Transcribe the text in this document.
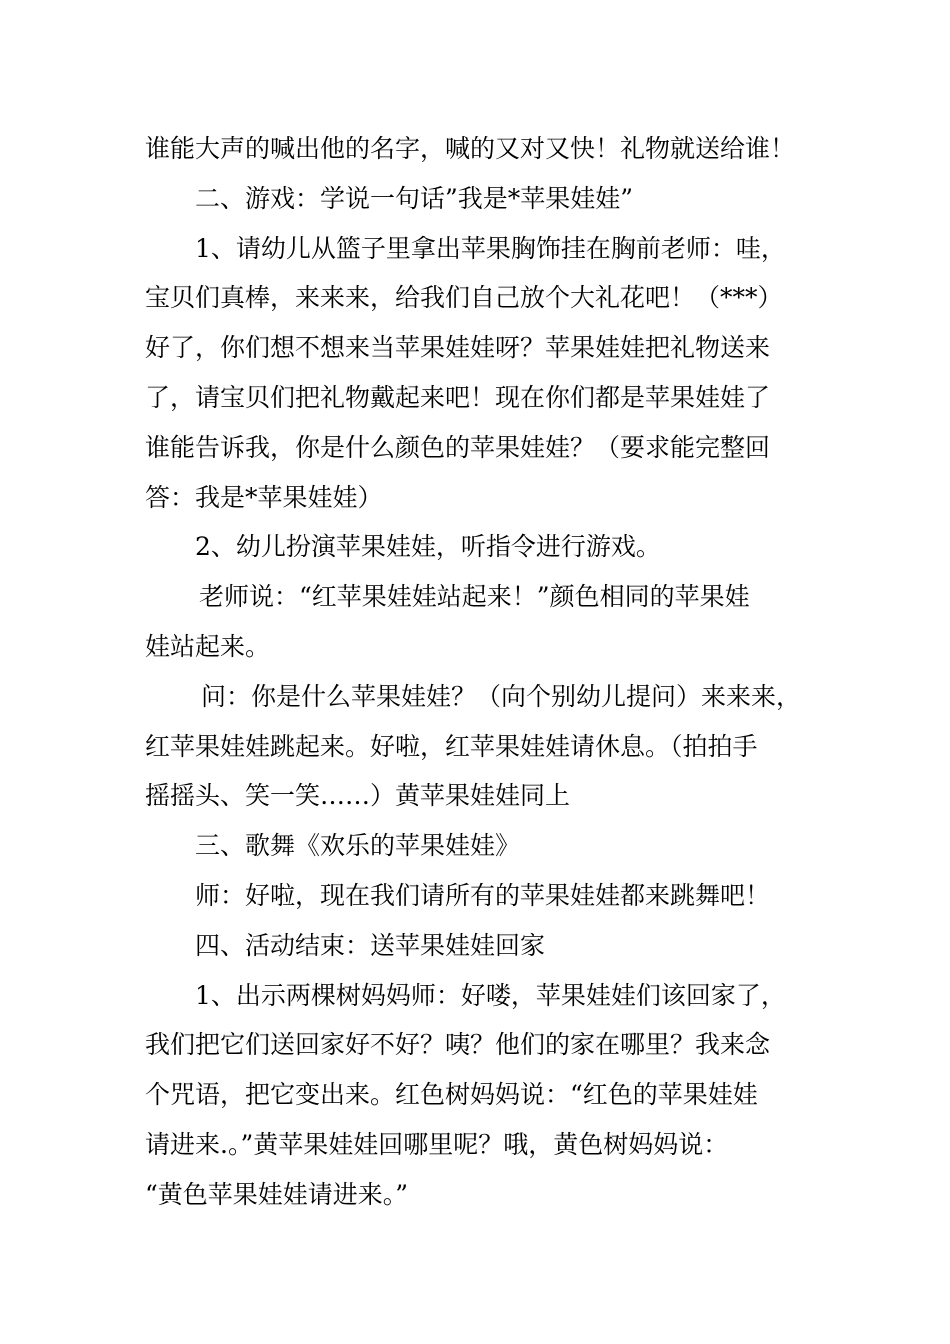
谁能大声的喊出他的名字，喊的又对又快！礼物就送给谁！
二、游戏：学说一句话”我是*苹果娃娃”
1、请幼儿从篮子里拿出苹果胸饰挂在胸前老师：哇，
宝贝们真棒，来来来，给我们自己放个大礼花吧！（***）
好了，你们想不想来当苹果娃娃呀？苹果娃娃把礼物送来
了，请宝贝们把礼物戴起来吧！现在你们都是苹果娃娃了
谁能告诉我，你是什么颜色的苹果娃娃？（要求能完整回
答：我是*苹果娃娃）
2、幼儿扮演苹果娃娃，听指令进行游戏。
老师说：“红苹果娃娃站起来！”颜色相同的苹果娃
娃站起来。
问：你是什么苹果娃娃？（向个别幼儿提问）来来来，
红苹果娃娃跳起来。好啦，红苹果娃娃请休息。（拍拍手
摇摇头、笑一笑……）黄苹果娃娃同上
三、歌舞《欢乐的苹果娃娃》
师：好啦，现在我们请所有的苹果娃娃都来跳舞吧！
四、活动结束：送苹果娃娃回家
1、出示两棵树妈妈师：好喽，苹果娃娃们该回家了，
我们把它们送回家好不好？咦？他们的家在哪里？我来念
个咒语，把它变出来。红色树妈妈说：“红色的苹果娃娃
请进来.。”黄苹果娃娃回哪里呢？哦，黄色树妈妈说：
“黄色苹果娃娃请进来。”
